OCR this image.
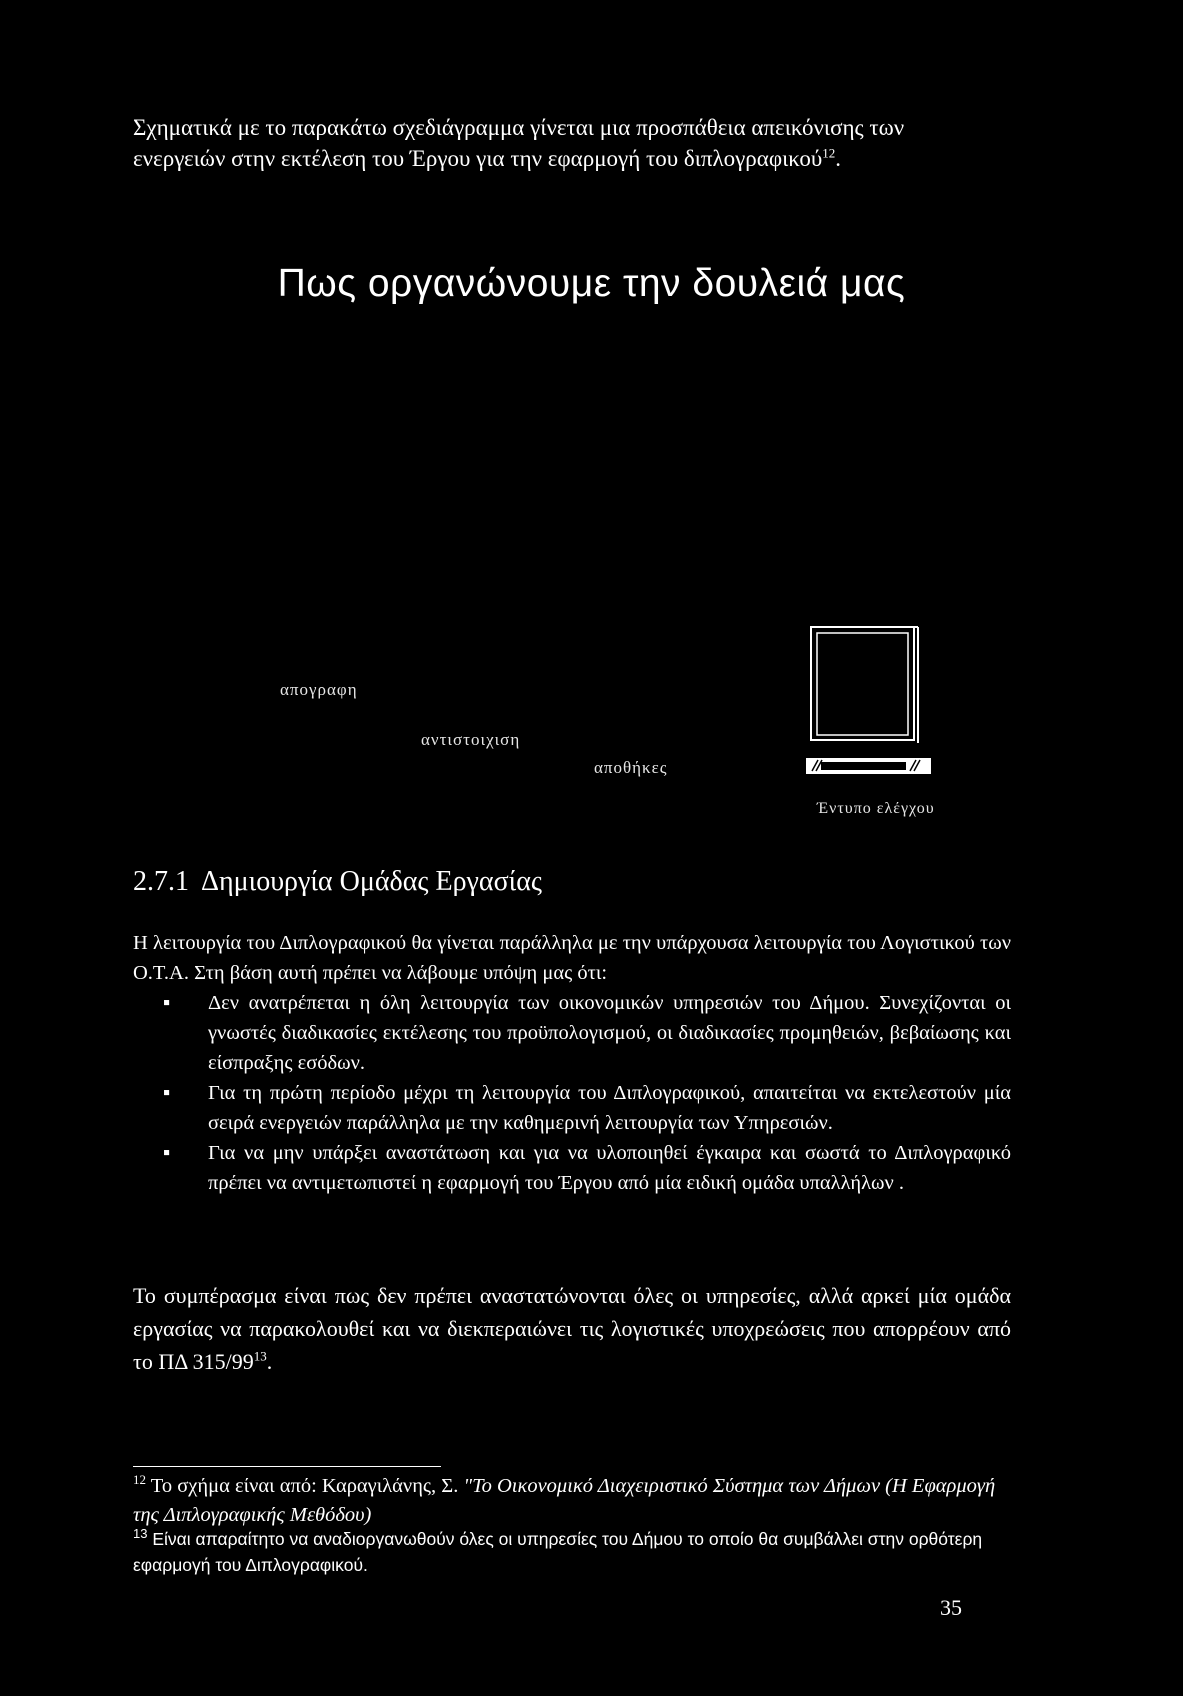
Σχηματικά με το παρακάτω σχεδιάγραμμα γίνεται μια προσπάθεια απεικόνισης των ενεργειών στην εκτέλεση του Έργου για την εφαρμογή του διπλογραφικού$^{12}$.
Πως οργανώνουμε την δουλειά μας
απογραφη
αντιστοιχιση
αποθήκες
Έντυπο ελέγχου
2.7.1 Δημιουργία Ομάδας Εργασίας
Η λειτουργία του Διπλογραφικού θα γίνεται παράλληλα με την υπάρχουσα λειτουργία του Λογιστικού των Ο.Τ.Α. Στη βάση αυτή πρέπει να λάβουμε υπόψη μας ότι:
▪ Δεν ανατρέπεται η όλη λειτουργία των οικονομικών υπηρεσιών του Δήμου. Συνεχίζονται οι γνωστές διαδικασίες εκτέλεσης του προϋπολογισμού, οι διαδικασίες προμηθειών, βεβαίωσης και είσπραξης εσόδων.
▪ Για τη πρώτη περίοδο μέχρι τη λειτουργία του Διπλογραφικού, απαιτείται να εκτελεστούν μία σειρά ενεργειών παράλληλα με την καθημερινή λειτουργία των Υπηρεσιών.
▪ Για να μην υπάρξει αναστάτωση και για να υλοποιηθεί έγκαιρα και σωστά το Διπλογραφικό πρέπει να αντιμετωπιστεί η εφαρμογή του Έργου από μία ειδική ομάδα υπαλλήλων .
Το συμπέρασμα είναι πως δεν πρέπει αναστατώνονται όλες οι υπηρεσίες, αλλά αρκεί μία ομάδα εργασίας να παρακολουθεί και να διεκπεραιώνει τις λογιστικές υποχρεώσεις που απορρέουν από το ΠΔ $315/99^{13}$.
$^{12}$ Το σχήμα είναι από: Καραγιλάνης, Σ. "Το Οικονομικό Διαχειριστικό Σύστημα των Δήμων (Η Εφαρμογή της Διπλογραφικής Μεθόδου)
$^{13}$ Είναι απαραίτητο να αναδιοργανωθούν όλες οι υπηρεσίες του Δήμου το οποίο θα συμβάλλει στην ορθότερη εφαρμογή του Διπλογραφικού.
35
